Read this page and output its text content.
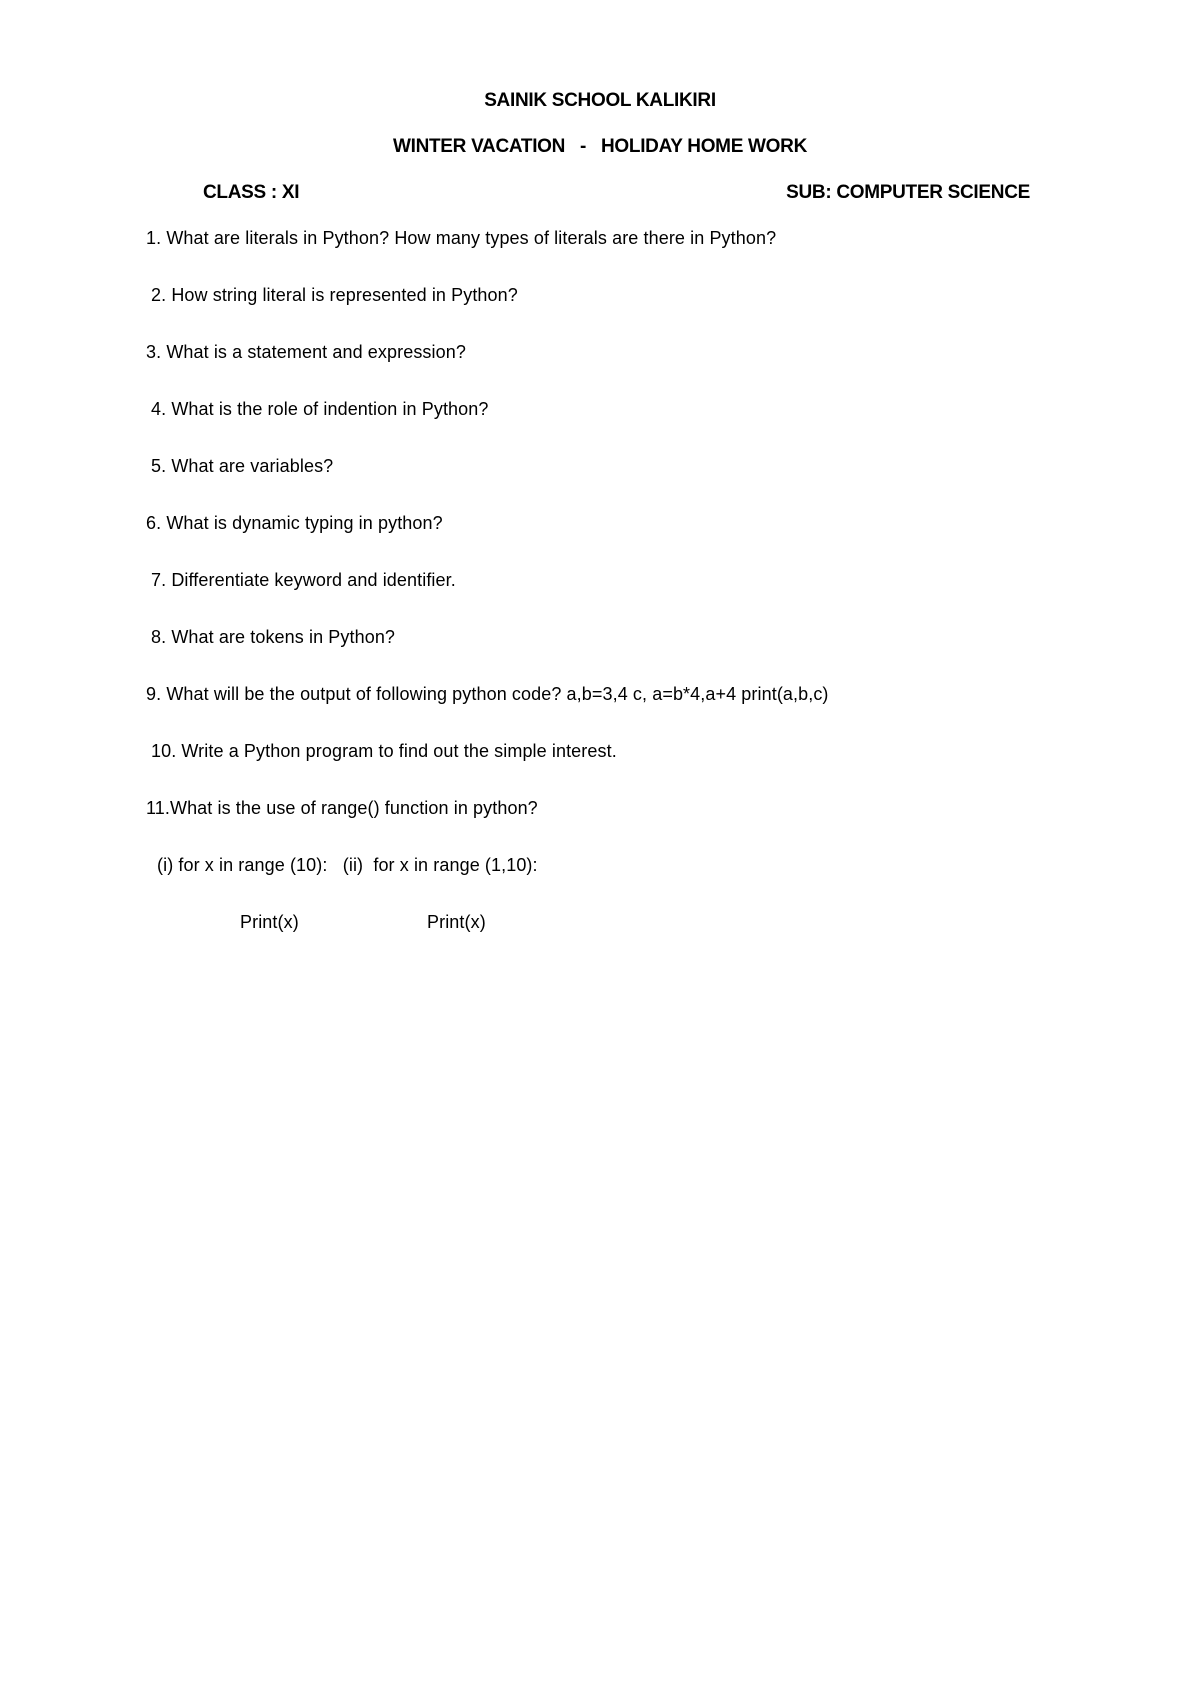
SAINIK SCHOOL KALIKIRI
WINTER VACATION   -   HOLIDAY HOME WORK
CLASS : XI	SUB: COMPUTER SCIENCE
1. What are literals in Python? How many types of literals are there in Python?
2. How string literal is represented in Python?
3. What is a statement and expression?
4. What is the role of indention in Python?
5. What are variables?
6. What is dynamic typing in python?
7. Differentiate keyword and identifier.
8. What are tokens in Python?
9. What will be the output of following python code? a,b=3,4 c, a=b*4,a+4 print(a,b,c)
10. Write a Python program to find out the simple interest.
11.What is the use of range() function in python?
(i) for x in range (10):   (ii)  for x in range (1,10):
Print(x)	Print(x)
